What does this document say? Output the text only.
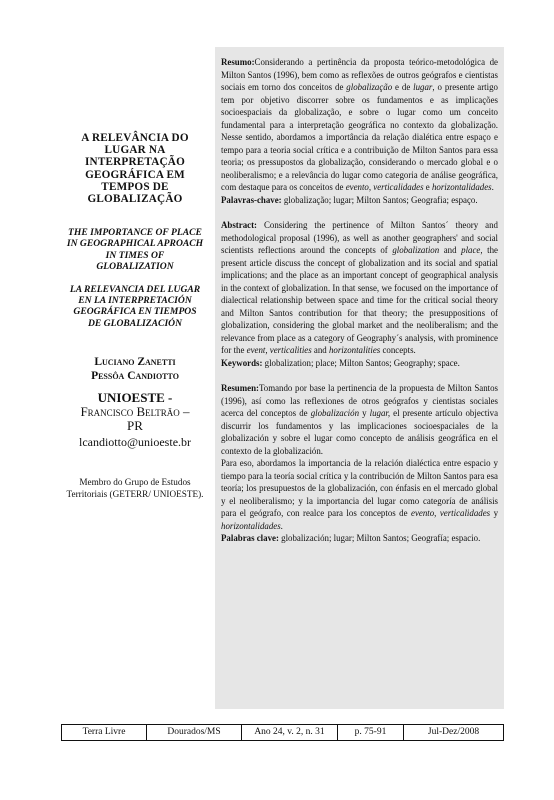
A RELEVÂNCIA DO LUGAR NA INTERPRETAÇÃO GEOGRÁFICA EM TEMPOS DE GLOBALIZAÇÃO

THE IMPORTANCE OF PLACE IN GEOGRAPHICAL APROACH IN TIMES OF GLOBALIZATION

LA RELEVANCIA DEL LUGAR EN LA INTERPRETACIÓN GEOGRÁFICA EN TIEMPOS DE GLOBALIZACIÓN

Luciano Zanetti
Pessôa Candiotto
UNIOESTE -
Francisco Beltrão –
PR
lcandiotto@unioeste.br
Membro do Grupo de Estudos Territoriais (GETERR/ UNIOESTE).

Resumo:Considerando a pertinência da proposta teórico-metodológica de Milton Santos (1996), bem como as reflexões de outros geógrafos e cientistas sociais em torno dos conceitos de globalização e de lugar, o presente artigo tem por objetivo discorrer sobre os fundamentos e as implicações socioespaciais da globalização, e sobre o lugar como um conceito fundamental para a interpretação geográfica no contexto da globalização. Nesse sentido, abordamos a importância da relação dialética entre espaço e tempo para a teoria social crítica e a contribuição de Milton Santos para essa teoria; os pressupostos da globalização, considerando o mercado global e o neoliberalismo; e a relevância do lugar como categoria de análise geográfica, com destaque para os conceitos de evento, verticalidades e horizontalidades.

Palavras-chave: globalização; lugar; Milton Santos; Geografia; espaço.

Abstract: Considering the pertinence of Milton Santos´ theory and methodological proposal (1996), as well as another geographers' and social scientists reflections around the concepts of globalization and place, the present article discuss the concept of globalization and its social and spatial implications; and the place as an important concept of geographical analysis in the context of globalization. In that sense, we focused on the importance of dialectical relationship between space and time for the critical social theory and Milton Santos contribution for that theory; the presuppositions of globalization, considering the global market and the neoliberalism; and the relevance from place as a category of Geography´s analysis, with prominence for the event, verticalities and horizontalities concepts.

Keywords: globalization; place; Milton Santos; Geography; space.

Resumen:Tomando por base la pertinencia de la propuesta de Milton Santos (1996), así como las reflexiones de otros geógrafos y cientistas sociales acerca del conceptos de globalización y lugar, el presente artículo objectiva discurrir los fundamentos y las implicaciones socioespaciales de la globalización y sobre el lugar como concepto de análisis geográfica en el contexto de la globalización.

Para eso, abordamos la importancia de la relación dialéctica entre espacio y tiempo para la teoría social crítica y la contribución de Milton Santos para esa teoría; los presupuestos de la globalización, con énfasis en el mercado global y el neoliberalismo; y la importancia del lugar como categoría de análisis para el geógrafo, con realce para los conceptos de evento, verticalidades y horizontalidades.

Palabras clave: globalización; lugar; Milton Santos; Geografía; espacio.

Terra Livre	Dourados/MS	Ano 24, v. 2, n. 31	p. 75-91	Jul-Dez/2008
